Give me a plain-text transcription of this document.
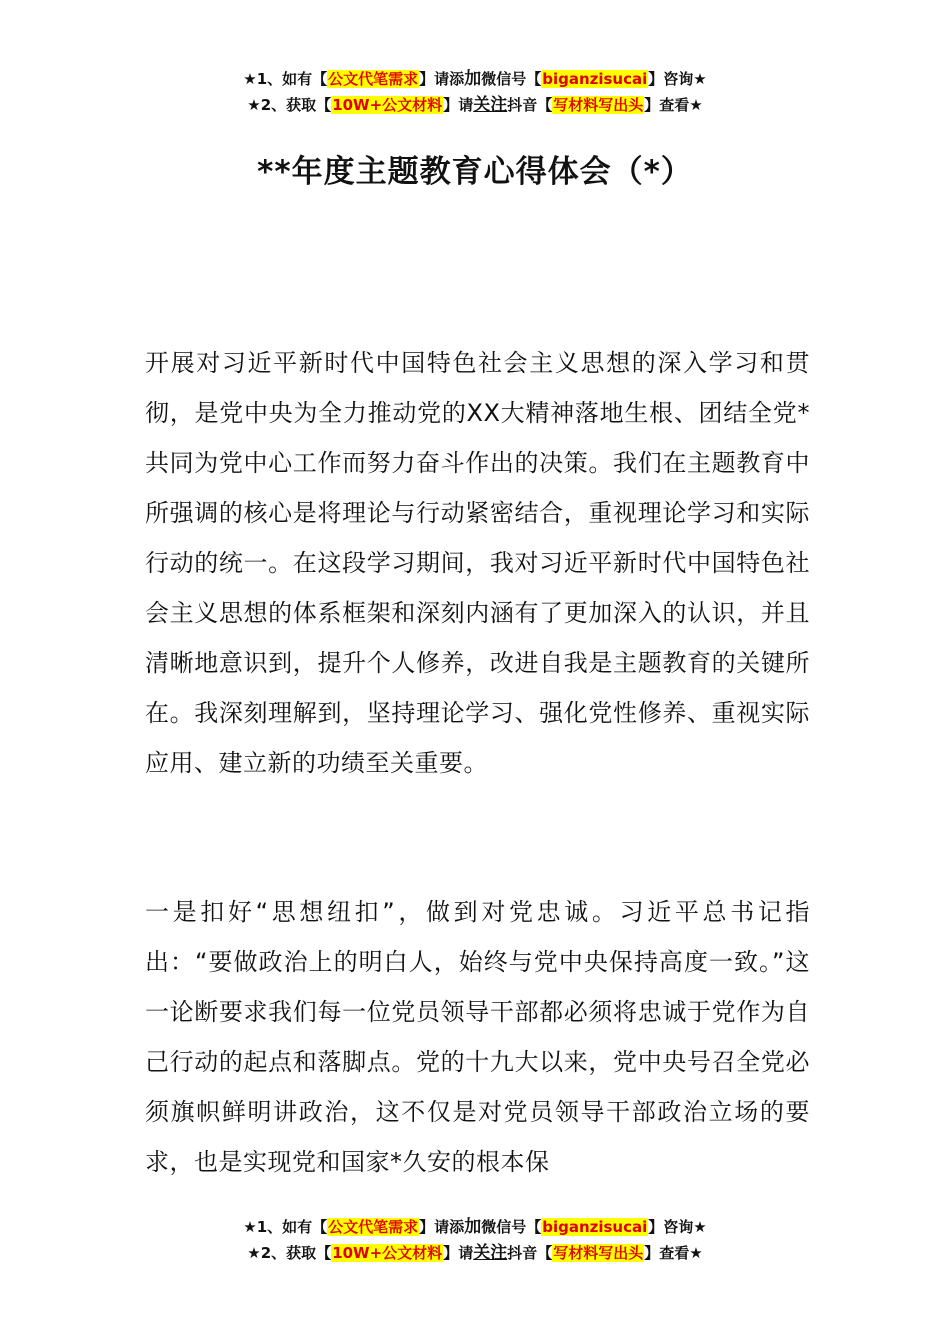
★1、如有【公文代笔需求】请添加微信号【biganzisucai】咨询★
★2、获取【10W+公文材料】请关注抖音【写材料写出头】查看★
**年度主题教育心得体会（*）

开展对习近平新时代中国特色社会主义思想的深入学习和贯彻，是党中央为全力推动党的XX大精神落地生根、团结全党*共同为党中心工作而努力奋斗作出的决策。我们在主题教育中所强调的核心是将理论与行动紧密结合，重视理论学习和实际行动的统一。在这段学习期间，我对习近平新时代中国特色社会主义思想的体系框架和深刻内涵有了更加深入的认识，并且清晰地意识到，提升个人修养，改进自我是主题教育的关键所在。我深刻理解到，坚持理论学习、强化党性修养、重视实际应用、建立新的功绩至关重要。

一是扣好“思想纽扣”，做到对党忠诚。习近平总书记指出：“要做政治上的明白人，始终与党中央保持高度一致。”这一论断要求我们每一位党员领导干部都必须将忠诚于党作为自己行动的起点和落脚点。党的十九大以来，党中央号召全党必须旗帜鲜明讲政治，这不仅是对党员领导干部政治立场的要求，也是实现党和国家*久安的根本保

★1、如有【公文代笔需求】请添加微信号【biganzisucai】咨询★
★2、获取【10W+公文材料】请关注抖音【写材料写出头】查看★
